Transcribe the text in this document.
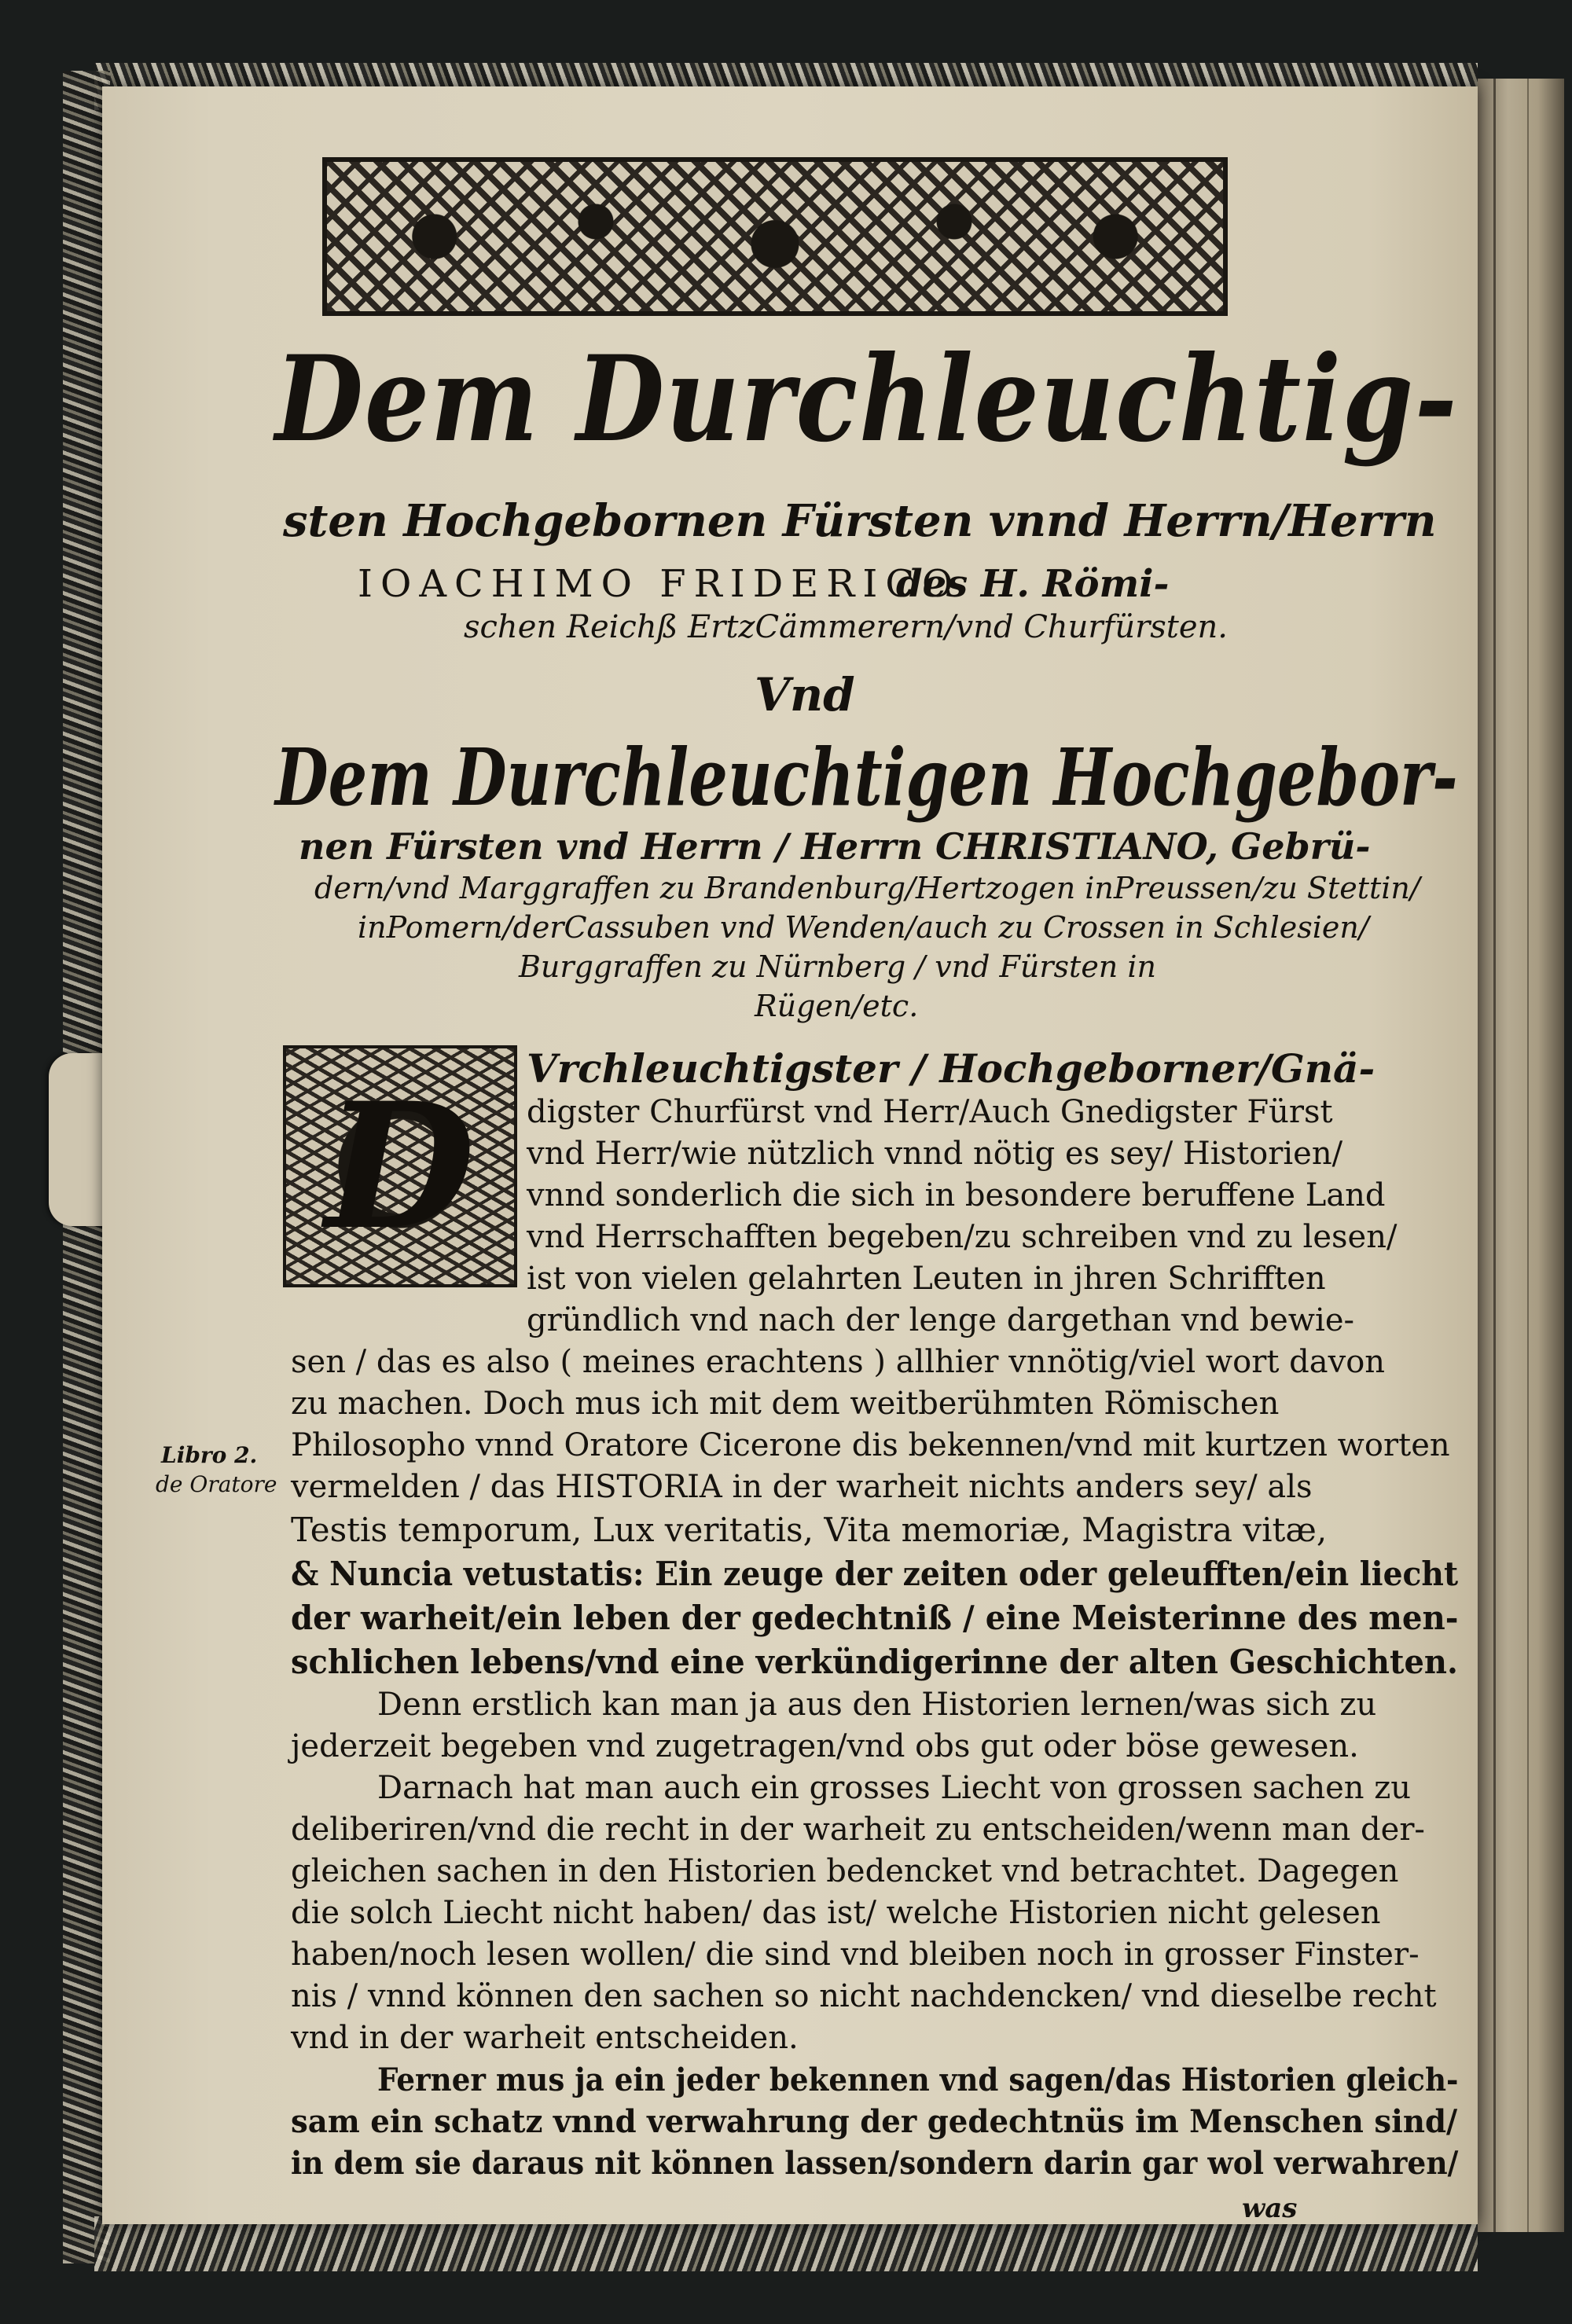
Dem Durchleuchtig-
sten Hochgebornen Fürsten vnnd Herrn/Herrn
IOACHIMO FRIDERICO
des H. Römi-
schen Reichß ErtzCämmerern/vnd Churfürsten.
Vnd
Dem Durchleuchtigen Hochgebor-
nen Fürsten vnd Herrn / Herrn CHRISTIANO, Gebrü-
dern/vnd Marggraffen zu Brandenburg/Hertzogen inPreussen/zu Stettin/
inPomern/derCassuben vnd Wenden/auch zu Crossen in Schlesien/
Burggraffen zu Nürnberg / vnd Fürsten in
Rügen/etc.
D	Vrchleuchtigster / Hochgeborner/Gnä-
digster Churfürst vnd Herr/Auch Gnedigster Fürst
vnd Herr/wie nützlich vnnd nötig es sey/ Historien/
vnnd sonderlich die sich in besondere beruffene Land
vnd Herrschafften begeben/zu schreiben vnd zu lesen/
ist von vielen gelahrten Leuten in jhren Schrifften
gründlich vnd nach der lenge dargethan vnd bewie-
sen / das es also ( meines erachtens ) allhier vnnötig/viel wort davon
zu machen. Doch mus ich mit dem weitberühmten Römischen
Philosopho vnnd Oratore Cicerone dis bekennen/vnd mit kurtzen worten
vermelden / das HISTORIA in der warheit nichts anders sey/ als
Testis temporum, Lux veritatis, Vita memoriæ, Magistra vitæ,
& Nuncia vetustatis: Ein zeuge der zeiten oder geleufften/ein liecht
der warheit/ein leben der gedechtniß / eine Meisterinne des men-
schlichen lebens/vnd eine verkündigerinne der alten Geschichten.
Denn erstlich kan man ja aus den Historien lernen/was sich zu
jederzeit begeben vnd zugetragen/vnd obs gut oder böse gewesen.
Darnach hat man auch ein grosses Liecht von grossen sachen zu
deliberiren/vnd die recht in der warheit zu entscheiden/wenn man der-
gleichen sachen in den Historien bedencket vnd betrachtet. Dagegen
die solch Liecht nicht haben/ das ist/ welche Historien nicht gelesen
haben/noch lesen wollen/ die sind vnd bleiben noch in grosser Finster-
nis / vnnd können den sachen so nicht nachdencken/ vnd dieselbe recht
vnd in der warheit entscheiden.
Ferner mus ja ein jeder bekennen vnd sagen/das Historien gleich-
sam ein schatz vnnd verwahrung der gedechtnüs im Menschen sind/
in dem sie daraus nit können lassen/sondern darin gar wol verwahren/
was
Libro 2.
de Oratore
